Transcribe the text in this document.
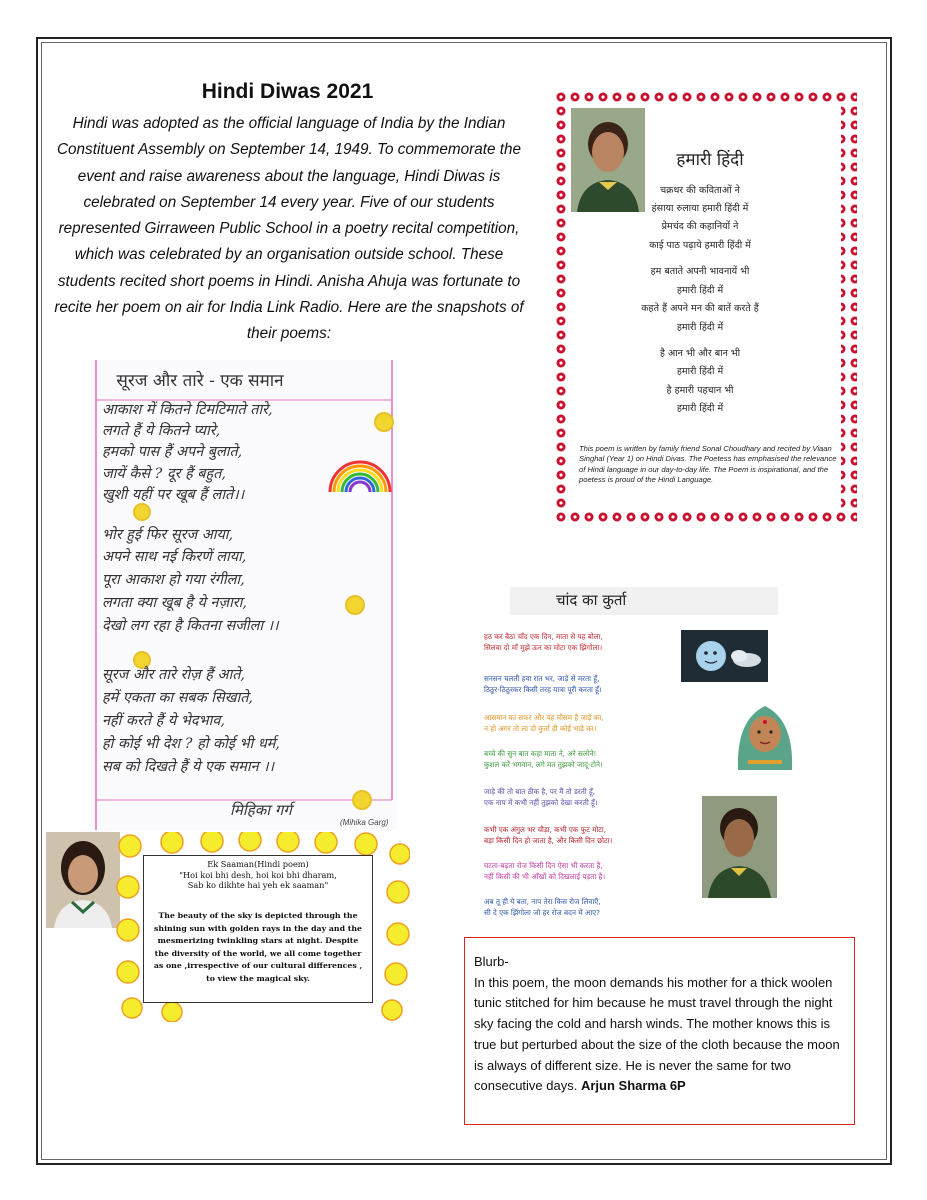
Hindi Diwas 2021
Hindi was adopted as the official language of India by the Indian Constituent Assembly on September 14, 1949. To commemorate the event and raise awareness about the language, Hindi Diwas is celebrated on September 14 every year. Five of our students represented Girraween Public School in a poetry recital competition, which was celebrated by an organisation outside school. These students recited short poems in Hindi. Anisha Ahuja was fortunate to recite her poem on air for India Link Radio. Here are the snapshots of their poems:
सूरज और तारे - एक समान
आकाश में कितने टिमटिमाते तारे,
लगते हैं ये कितने प्यारे,
हमको पास हैं अपने बुलाते,
जायें कैसे ? दूर हैं बहुत,
खुशी यहीं पर खूब हैं लाते।।
भोर हुई फिर सूरज आया,
अपने साथ नई किरणें लाया,
पूरा आकाश हो गया रंगीला,
लगता क्या खूब है ये नज़ारा,
देखो लग रहा है कितना सजीला ।।
सूरज और तारे रोज़ हैं आते,
हमें एकता का सबक सिखाते,
नहीं करते हैं ये भेदभाव,
हो कोई भी देश ? हो कोई भी धर्म,
सब को दिखते हैं ये एक समान ।।
मिहिका गर्ग
(Mihika Garg)
Ek Saaman(Hindi poem)
"Hoi koi bhi desh, hoi koi bhi dharam,
Sab ko dikhte hai yeh ek saaman"
The beauty of the sky is depicted through the shining sun with golden rays in the day and the mesmerizing twinkling stars at night. Despite the diversity of the world, we all come together as one ,irrespective of our cultural differences , to view the magical sky.
हमारी हिंदी
चक्रधर की कविताओं ने
हंसाया रुलाया हमारी हिंदी में
प्रेमचंद की कहानियों ने
काई पाठ पढ़ाये हमारी हिंदी में
हम बताते अपनी भावनायें भी
हमारी हिंदी में
कहते हैं अपने मन की बातें करते हैं
हमारी हिंदी में
है आन भी और बान भी
हमारी हिंदी में
है हमारी पहचान भी
हमारी हिंदी में
This poem is written by family friend Sonal Choudhary and recited by Viaan Singhal (Year 1) on Hindi Divas. The Poetess has emphasised the relevance of Hindi language in our day-to-day life. The Poem is inspirational, and the poetess is proud of the Hindi Language.
चांद का कुर्ता
हठ कर बैठा चाँद एक दिन, माता से यह बोला,
सिलवा दो माँ मुझे ऊन का मोटा एक झिंगोला।
सनसन चलती हवा रात भर, जाड़े से मरता हूँ,
ठिठुर-ठिठुरकर किसी तरह यात्रा पूरी करता हूँ।
आसमान का सफर और यह मौसम है जाड़े का,
न हो अगर तो ला दो कुर्ता ही कोई भाड़े का।
बच्चे की सुन बात कहा माता ने, अरे सलोने!
कुशल करें भगवान, लगे मत तुझको जादू-टोने।
जाड़े की तो बात ठीक है, पर मैं तो डरती हूँ,
एक नाप में कभी नहीं तुझको देखा करती हूँ।
कभी एक अंगुल भर चौड़ा, कभी एक फुट मोटा,
बड़ा किसी दिन हो जाता है, और किसी दिन छोटा।
घटता-बढ़ता रोज किसी दिन ऐसा भी करता है,
नहीं किसी की भी आँखों को दिखलाई पड़ता है।
अब तू ही ये बता, नाप तेरा किस रोज लिवाएँ,
सी दे एक झिंगोला जो हर रोज बदन में आए?
Blurb-
In this poem, the moon demands his mother for a thick woolen tunic stitched for him because he must travel through the night sky facing the cold and harsh winds. The mother knows this is true but perturbed about the size of the cloth because the moon is always of different size. He is never the same for two consecutive days. Arjun Sharma 6P
